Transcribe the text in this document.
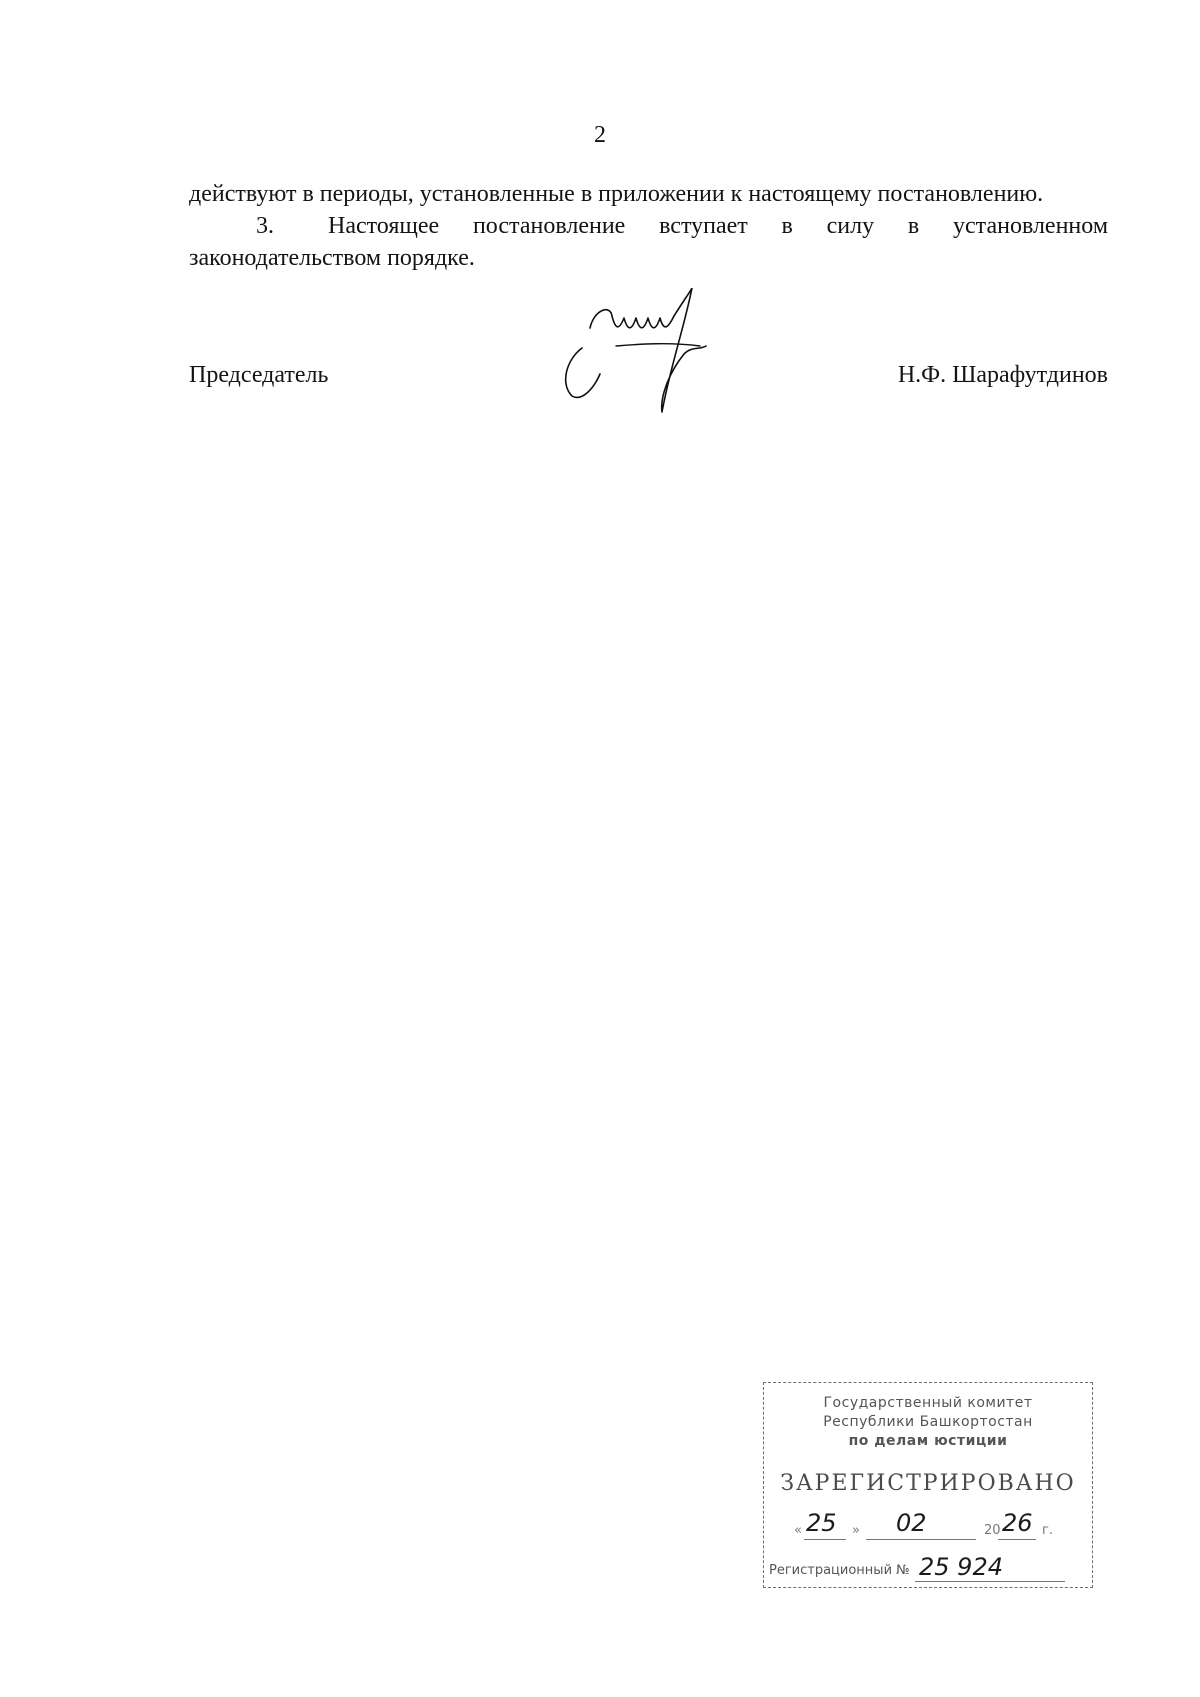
2

действуют в периоды, установленные в приложении к настоящему постановлению.

3. Настоящее постановление вступает в силу в установленном законодательством порядке.

Председатель	Н.Ф. Шарафутдинов
Государственный комитет
Республики Башкортостан
по делам юстиции
ЗАРЕГИСТРИРОВАНО
« 25 » 02	20 26 г.
Регистрационный № 25 924
